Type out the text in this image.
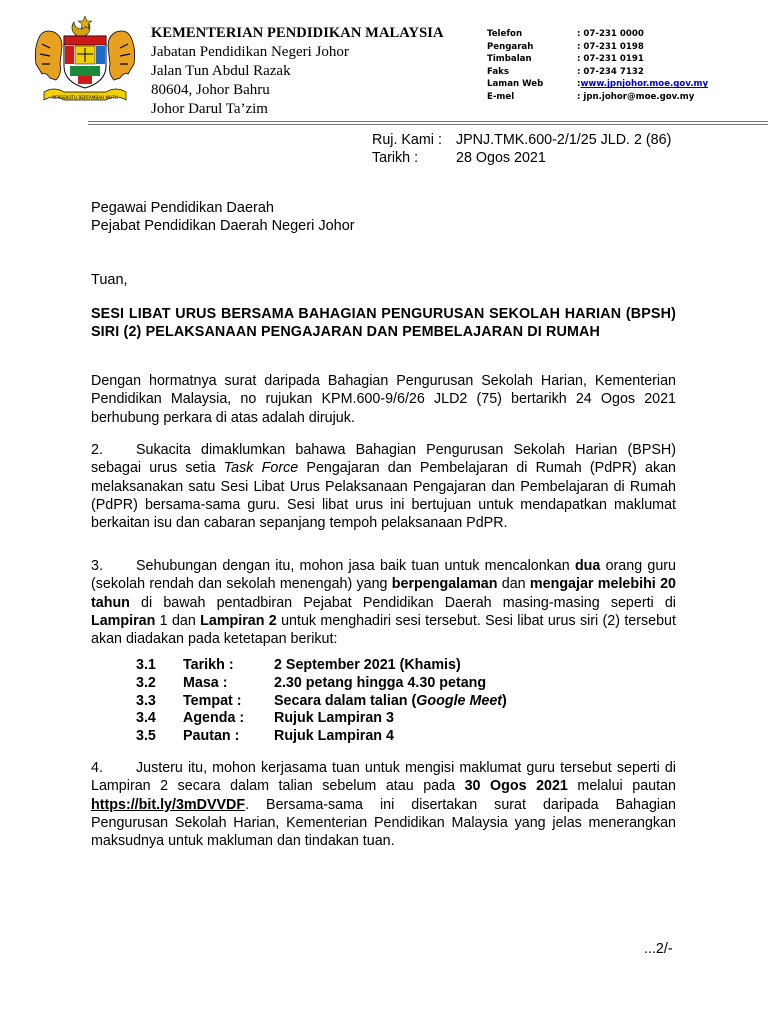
BERSEKUTU BERTAMBAH MUTU
KEMENTERIAN PENDIDIKAN MALAYSIA
Jabatan Pendidikan Negeri Johor
Jalan Tun Abdul Razak
80604, Johor Bahru
Johor Darul Ta’zim
Telefon	: 07-231 0000
Pengarah	: 07-231 0198
Timbalan	: 07-231 0191
Faks	: 07-234 7132
Laman Web	: www.jpnjohor.moe.gov.my
E-mel	: jpn.johor@moe.gov.my
Ruj. Kami : JPNJ.TMK.600-2/1/25 JLD. 2 (86)
Tarikh :	28 Ogos 2021
Pegawai Pendidikan Daerah
Pejabat Pendidikan Daerah Negeri Johor
Tuan,
SESI LIBAT URUS BERSAMA BAHAGIAN PENGURUSAN SEKOLAH HARIAN (BPSH) SIRI (2) PELAKSANAAN PENGAJARAN DAN PEMBELAJARAN DI RUMAH
Dengan hormatnya surat daripada Bahagian Pengurusan Sekolah Harian, Kementerian Pendidikan Malaysia, no rujukan KPM.600-9/6/26 JLD2 (75) bertarikh 24 Ogos 2021 berhubung perkara di atas adalah dirujuk.
2. Sukacita dimaklumkan bahawa Bahagian Pengurusan Sekolah Harian (BPSH) sebagai urus setia Task Force Pengajaran dan Pembelajaran di Rumah (PdPR) akan melaksanakan satu Sesi Libat Urus Pelaksanaan Pengajaran dan Pembelajaran di Rumah (PdPR) bersama-sama guru. Sesi libat urus ini bertujuan untuk mendapatkan maklumat berkaitan isu dan cabaran sepanjang tempoh pelaksanaan PdPR.
3. Sehubungan dengan itu, mohon jasa baik tuan untuk mencalonkan dua orang guru (sekolah rendah dan sekolah menengah) yang berpengalaman dan mengajar melebihi 20 tahun di bawah pentadbiran Pejabat Pendidikan Daerah masing-masing seperti di Lampiran 1 dan Lampiran 2 untuk menghadiri sesi tersebut. Sesi libat urus siri (2) tersebut akan diadakan pada ketetapan berikut:
3.1	Tarikh :	2 September 2021 (Khamis)
3.2	Masa :	2.30 petang hingga 4.30 petang
3.3	Tempat :	Secara dalam talian (Google Meet)
3.4	Agenda :	Rujuk Lampiran 3
3.5	Pautan :	Rujuk Lampiran 4
4. Justeru itu, mohon kerjasama tuan untuk mengisi maklumat guru tersebut seperti di Lampiran 2 secara dalam talian sebelum atau pada 30 Ogos 2021 melalui pautan https://bit.ly/3mDVVDF. Bersama-sama ini disertakan surat daripada Bahagian Pengurusan Sekolah Harian, Kementerian Pendidikan Malaysia yang jelas menerangkan maksudnya untuk makluman dan tindakan tuan.
...2/-
